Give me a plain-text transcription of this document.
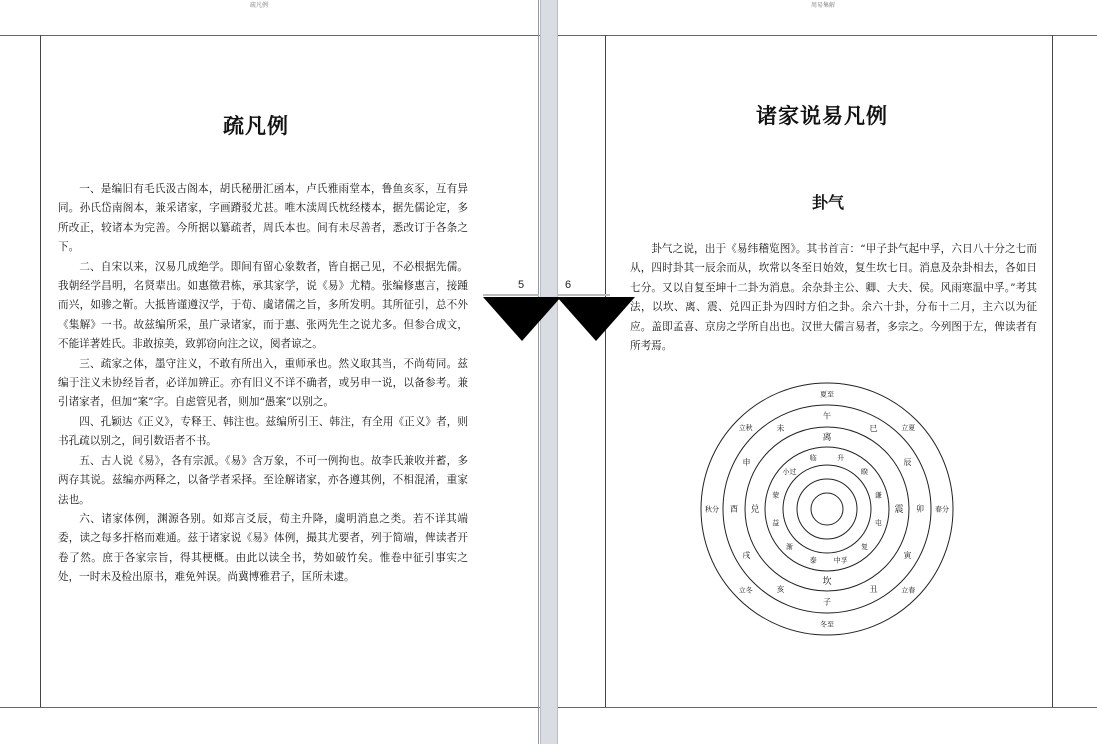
疏凡例
疏凡例

一、是编旧有毛氏汲古阁本，胡氏秘册汇函本，卢氏雅雨堂本，鲁鱼亥豕，互有异同。孙氏岱南阁本，兼采诸家，字画蹐驳尤甚。唯木渎周氏枕经楼本，据先儒论定，多所改正，较诸本为完善。今所据以纂疏者，周氏本也。间有未尽善者，悉改订于各条之下。

二、自宋以来，汉易几成绝学。即间有留心象数者，皆自据己见，不必根据先儒。我朝经学昌明，名贤辈出。如惠徵君栋，承其家学，说《易》尤精。张编修惠言，接踵而兴，如骖之靳。大抵皆谨遵汉学，于荀、虞诸儒之旨，多所发明。其所征引，总不外《集解》一书。故兹编所采，虽广录诸家，而于惠、张两先生之说尤多。但参合成文，不能详著姓氏。非敢掠美，致郭窃向注之议，阅者谅之。

三、疏家之体，墨守注义，不敢有所出入，重师承也。然义取其当，不尚苟同。兹编于注义未协经旨者，必详加辨正。亦有旧义不详不确者，或另申一说，以备参考。兼引诸家者，但加“案”字。自虑管见者，则加“愚案”以别之。

四、孔颖达《正义》，专释王、韩注也。兹编所引王、韩注，有全用《正义》者，则书孔疏以别之，间引数语者不书。

五、古人说《易》，各有宗派。《易》含万象，不可一例拘也。故李氏兼收并蓄，多两存其说。兹编亦两释之，以备学者采择。至诠解诸家，亦各遵其例，不相混淆，重家法也。

六、诸家体例，渊源各别。如郑言爻辰，荀主升降，虞明消息之类。若不详其端委，读之每多扞格而难通。兹于诸家说《易》体例，撮其尤要者，列于简端，俾读者开卷了然。庶于各家宗旨，得其梗概。由此以读全书，势如破竹矣。惟卷中征引事实之处，一时未及检出原书，难免舛误。尚冀博雅君子，匡所未逮。

周易集解
诸家说易凡例
卦气

卦气之说，出于《易纬稽览图》。其书首言：“甲子卦气起中孚，六日八十分之七而从，四时卦其一辰余而从，坎常以冬至日始效，复生坎七日。消息及杂卦相去，各如日七分。又以自复至坤十二卦为消息。余杂卦主公、卿、大夫、侯。风雨寒温中孚。”考其法，以坎、离、震、兑四正卦为四时方伯之卦。余六十卦，分布十二月，主六以为征应。盖即孟喜、京房之学所自出也。汉世大儒言易者，多宗之。今列图于左，俾读者有所考焉。

5	6
冬至
立春
春分
立夏
夏至
立秋
秋分
立冬
子
丑
寅
卯
辰
巳
午
未
申
酉
戌
亥
坎
震
离
兑
中孚
复
屯
谦
睽
升
临
小过
蒙
益
渐
泰
